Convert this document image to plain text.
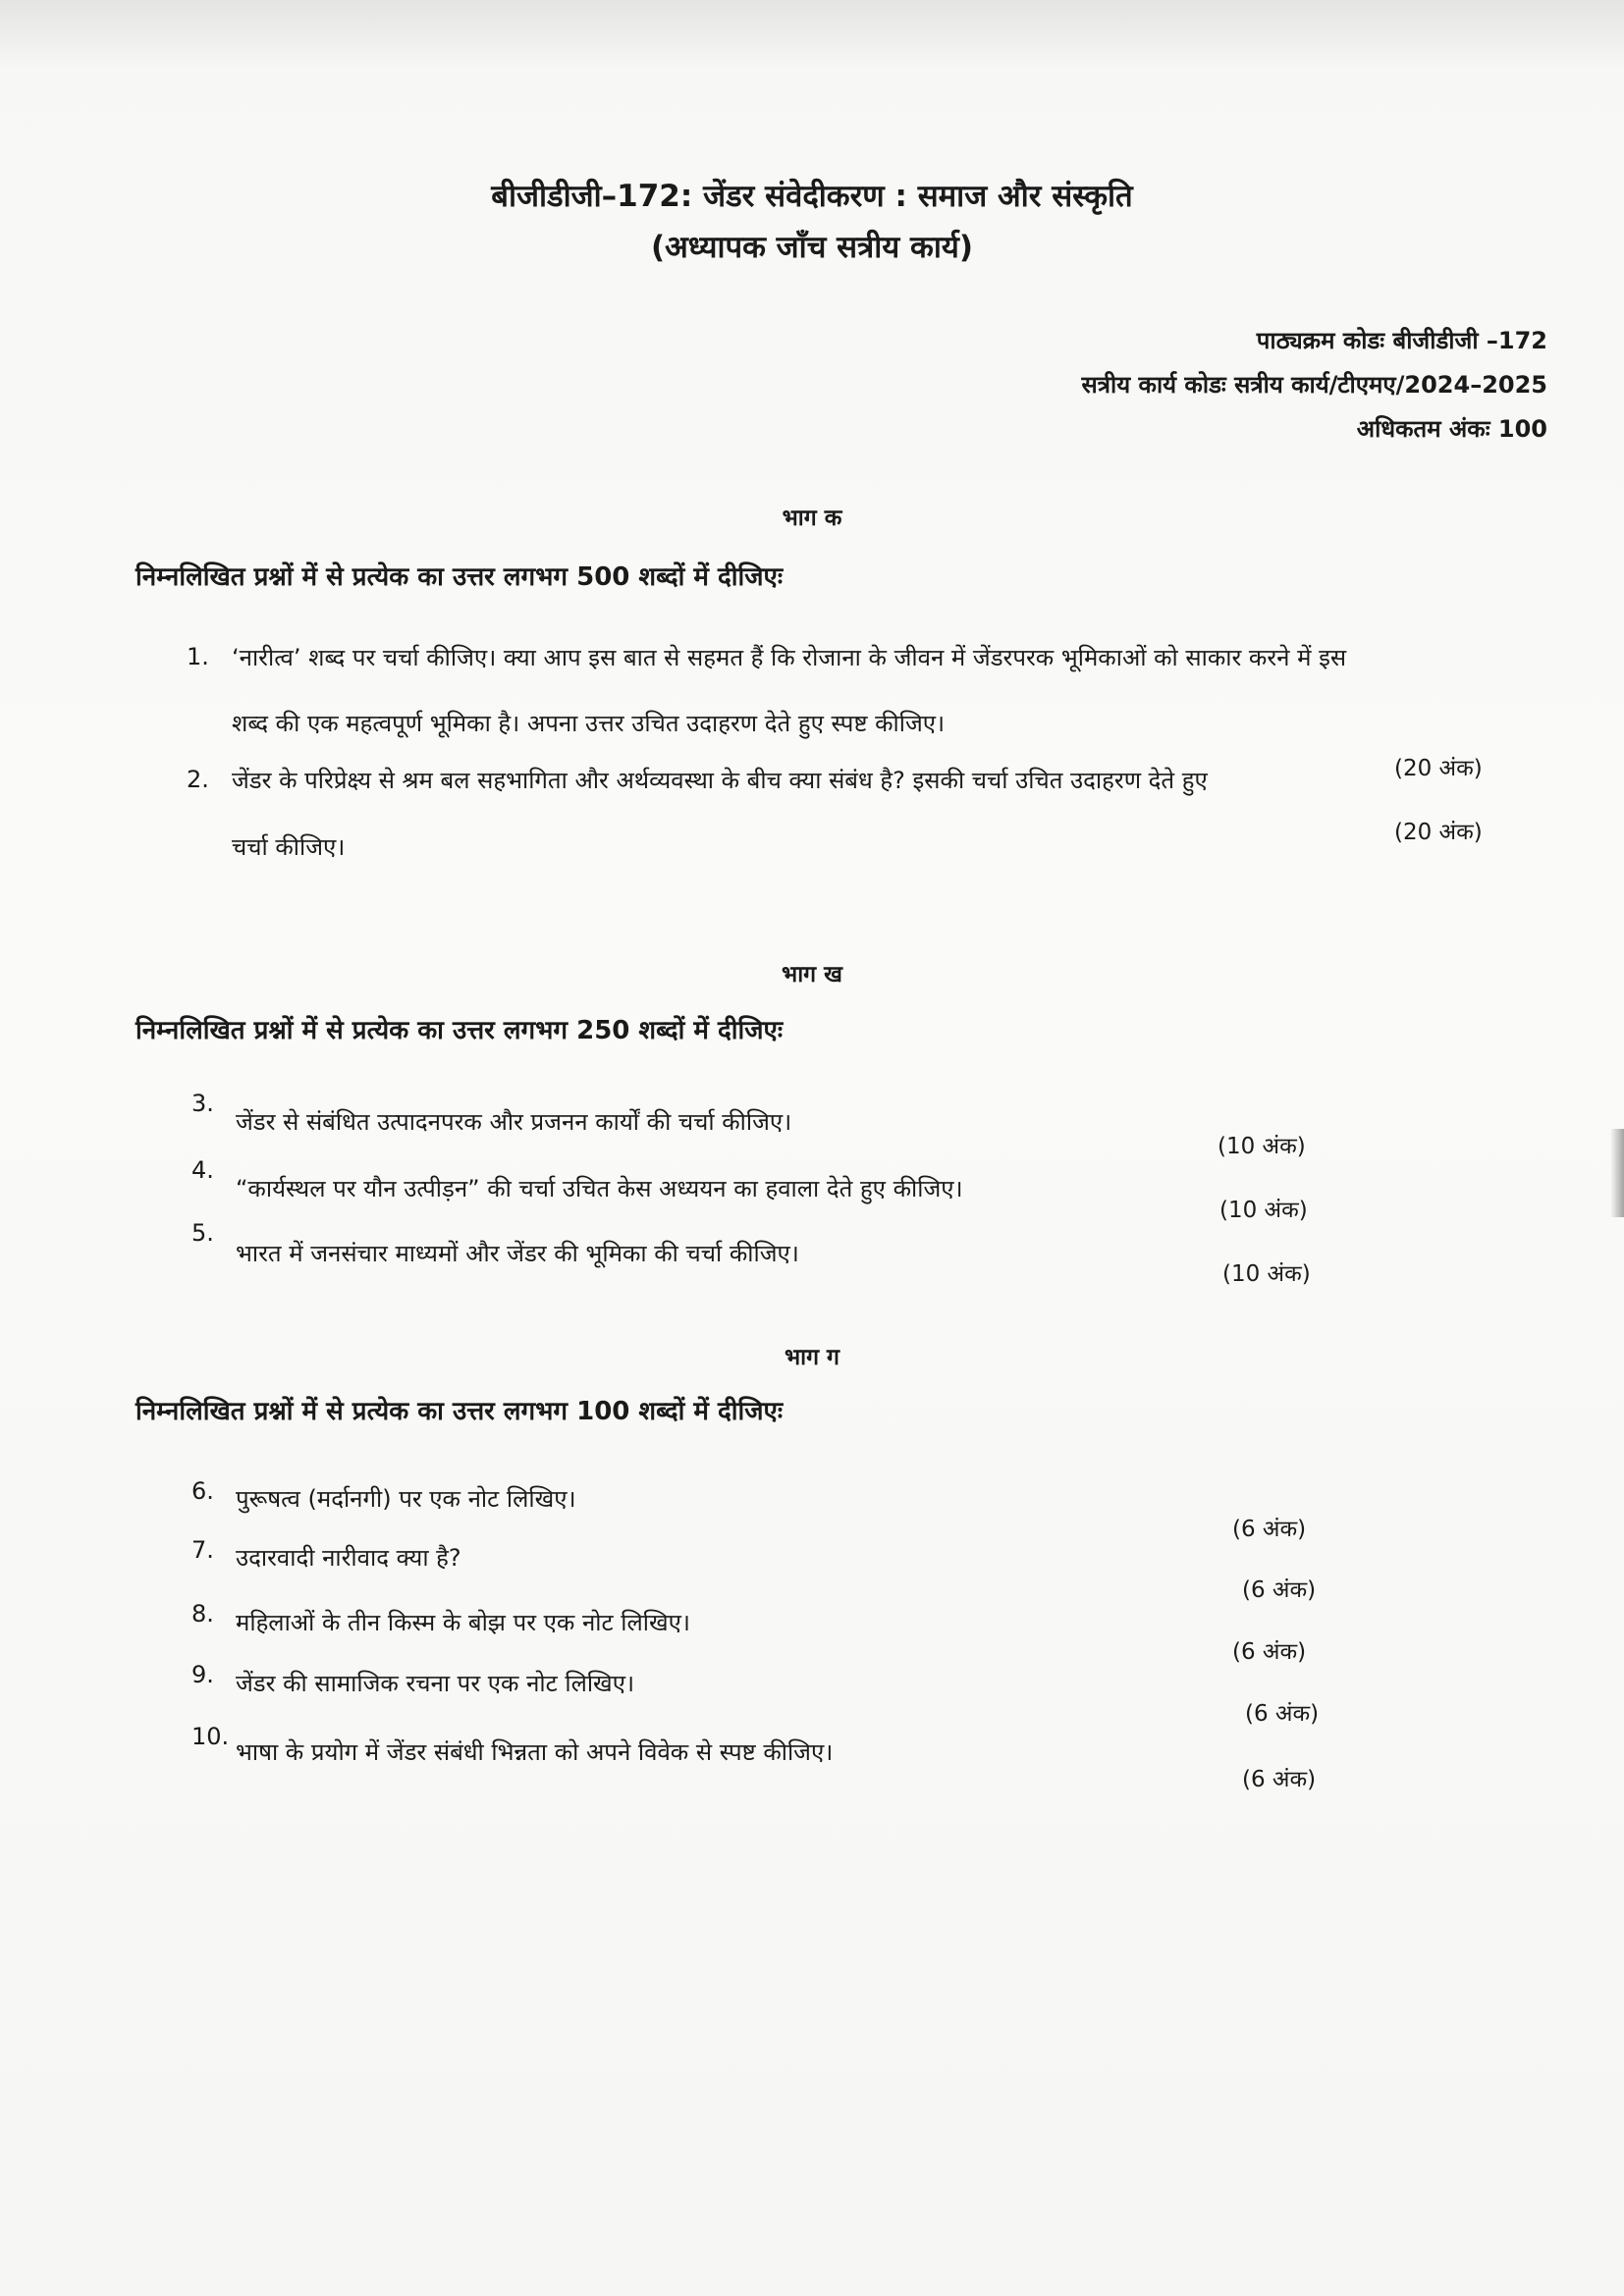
बीजीडीजी–172: जेंडर संवेदीकरण : समाज और संस्कृति
(अध्यापक जाँच सत्रीय कार्य)
पाठ्यक्रम कोडः बीजीडीजी –172
सत्रीय कार्य कोडः सत्रीय कार्य/टीएमए/2024–2025
अधिकतम अंकः 100
भाग क
निम्नलिखित प्रश्नों में से प्रत्येक का उत्तर लगभग 500 शब्दों में दीजिएः
1. ‘नारीत्व’ शब्द पर चर्चा कीजिए। क्या आप इस बात से सहमत हैं कि रोजाना के जीवन में जेंडरपरक भूमिकाओं को साकार करने में इस
शब्द की एक महत्वपूर्ण भूमिका है। अपना उत्तर उचित उदाहरण देते हुए स्पष्ट कीजिए।
(20 अंक)
2. जेंडर के परिप्रेक्ष्य से श्रम बल सहभागिता और अर्थव्यवस्था के बीच क्या संबंध है? इसकी चर्चा उचित उदाहरण देते हुए
(20 अंक)
चर्चा कीजिए।
भाग ख
निम्नलिखित प्रश्नों में से प्रत्येक का उत्तर लगभग 250 शब्दों में दीजिएः
3.
जेंडर से संबंधित उत्पादनपरक और प्रजनन कार्यों की चर्चा कीजिए।
(10 अंक)
4.
“कार्यस्थल पर यौन उत्पीड़न” की चर्चा उचित केस अध्ययन का हवाला देते हुए कीजिए।
(10 अंक)
5.
भारत में जनसंचार माध्यमों और जेंडर की भूमिका की चर्चा कीजिए।
(10 अंक)
भाग ग
निम्नलिखित प्रश्नों में से प्रत्येक का उत्तर लगभग 100 शब्दों में दीजिएः
6. पुरूषत्व (मर्दानगी) पर एक नोट लिखिए।
(6 अंक)
7. उदारवादी नारीवाद क्या है?
(6 अंक)
8. महिलाओं के तीन किस्म के बोझ पर एक नोट लिखिए।
(6 अंक)
9. जेंडर की सामाजिक रचना पर एक नोट लिखिए।
(6 अंक)
10.
भाषा के प्रयोग में जेंडर संबंधी भिन्नता को अपने विवेक से स्पष्ट कीजिए।
(6 अंक)
